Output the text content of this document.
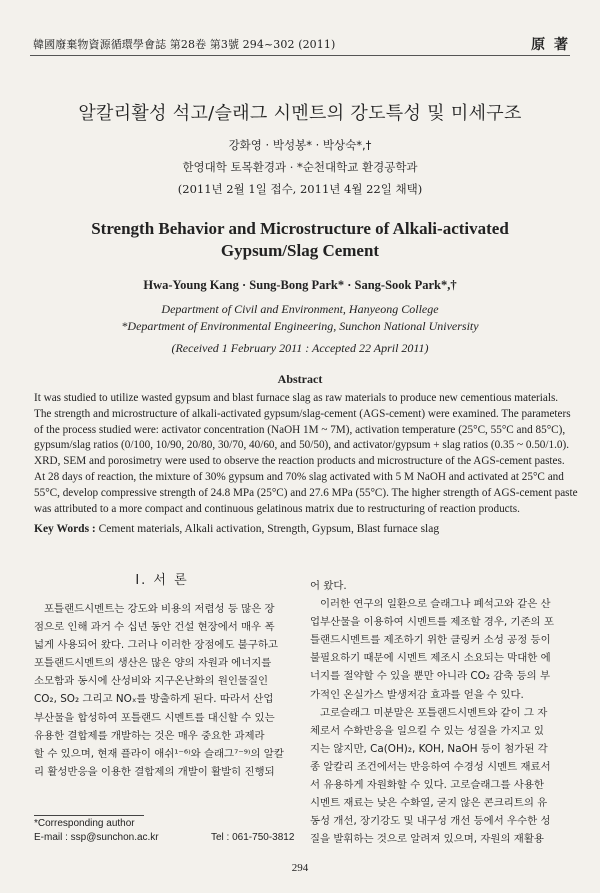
韓國廢棄物資源循環學會誌 第28卷 第3號 294~302 (2011)	原 著
알칼리활성 석고/슬래그 시멘트의 강도특성 및 미세구조
강화영 · 박성봉* · 박상숙*,†
한영대학 토목환경과 · *순천대학교 환경공학과
(2011년 2월 1일 접수, 2011년 4월 22일 채택)
Strength Behavior and Microstructure of Alkali-activated
Gypsum/Slag Cement
Hwa-Young Kang · Sung-Bong Park* · Sang-Sook Park*,†
Department of Civil and Environment, Hanyeong College
*Department of Environmental Engineering, Sunchon National University
(Received 1 February 2011 : Accepted 22 April 2011)
Abstract
It was studied to utilize wasted gypsum and blast furnace slag as raw materials to produce new cementious materials.
The strength and microstructure of alkali-activated gypsum/slag-cement (AGS-cement) were examined. The parameters
of the process studied were: activator concentration (NaOH 1M ~ 7M), activation temperature (25°C, 55°C and 85°C),
gypsum/slag ratios (0/100, 10/90, 20/80, 30/70, 40/60, and 50/50), and activator/gypsum + slag ratios (0.35 ~ 0.50/1.0).
XRD, SEM and porosimetry were used to observe the reaction products and microstructure of the AGS-cement pastes.
At 28 days of reaction, the mixture of 30% gypsum and 70% slag activated with 5 M NaOH and activated at 25°C and
55°C, develop compressive strength of 24.8 MPa (25°C) and 27.6 MPa (55°C). The higher strength of AGS-cement paste
was attributed to a more compact and continuous gelatinous matrix due to restructuring of reaction products.
Key Words : Cement materials, Alkali activation, Strength, Gypsum, Blast furnace slag
I. 서 론
포틀랜드시멘트는 강도와 비용의 저렴성 등 많은 장
점으로 인해 과거 수 십년 동안 건설 현장에서 매우 폭
넓게 사용되어 왔다. 그러나 이러한 장점에도 불구하고
포틀랜드시멘트의 생산은 많은 양의 자원과 에너지를
소모함과 동시에 산성비와 지구온난화의 원인물질인
CO₂, SO₂ 그리고 NOₓ를 방출하게 된다. 따라서 산업
부산물을 합성하여 포틀랜드 시멘트를 대신할 수 있는
유용한 결합제를 개발하는 것은 매우 중요한 과제라
할 수 있으며, 현재 플라이 애쉬¹⁻⁶⁾와 슬래그⁷⁻⁹⁾의 알칼
리 활성반응을 이용한 결합제의 개발이 활발히 진행되
어 왔다.
이러한 연구의 일환으로 슬래그나 폐석고와 같은 산
업부산물을 이용하여 시멘트를 제조할 경우, 기존의 포
틀랜드시멘트를 제조하기 위한 클링커 소성 공정 등이
불필요하기 때문에 시멘트 제조시 소요되는 막대한 에
너지를 절약할 수 있을 뿐만 아니라 CO₂ 감축 등의 부
가적인 온실가스 발생저감 효과를 얻을 수 있다.
고로슬래그 미분말은 포틀랜드시멘트와 같이 그 자
체로서 수화반응을 일으킬 수 있는 성질을 가지고 있
지는 않지만, Ca(OH)₂, KOH, NaOH 등이 첨가된 각
종 알칼리 조건에서는 반응하여 수경성 시멘트 재료서
서 유용하게 자원화할 수 있다. 고로슬래그를 사용한
시멘트 재료는 낮은 수화열, 굳지 않은 콘크리트의 유
동성 개선, 장기강도 및 내구성 개선 등에서 우수한 성
질을 발휘하는 것으로 알려져 있으며, 자원의 재활용
*Corresponding author
E-mail : ssp@sunchon.ac.kr	Tel : 061-750-3812
294
